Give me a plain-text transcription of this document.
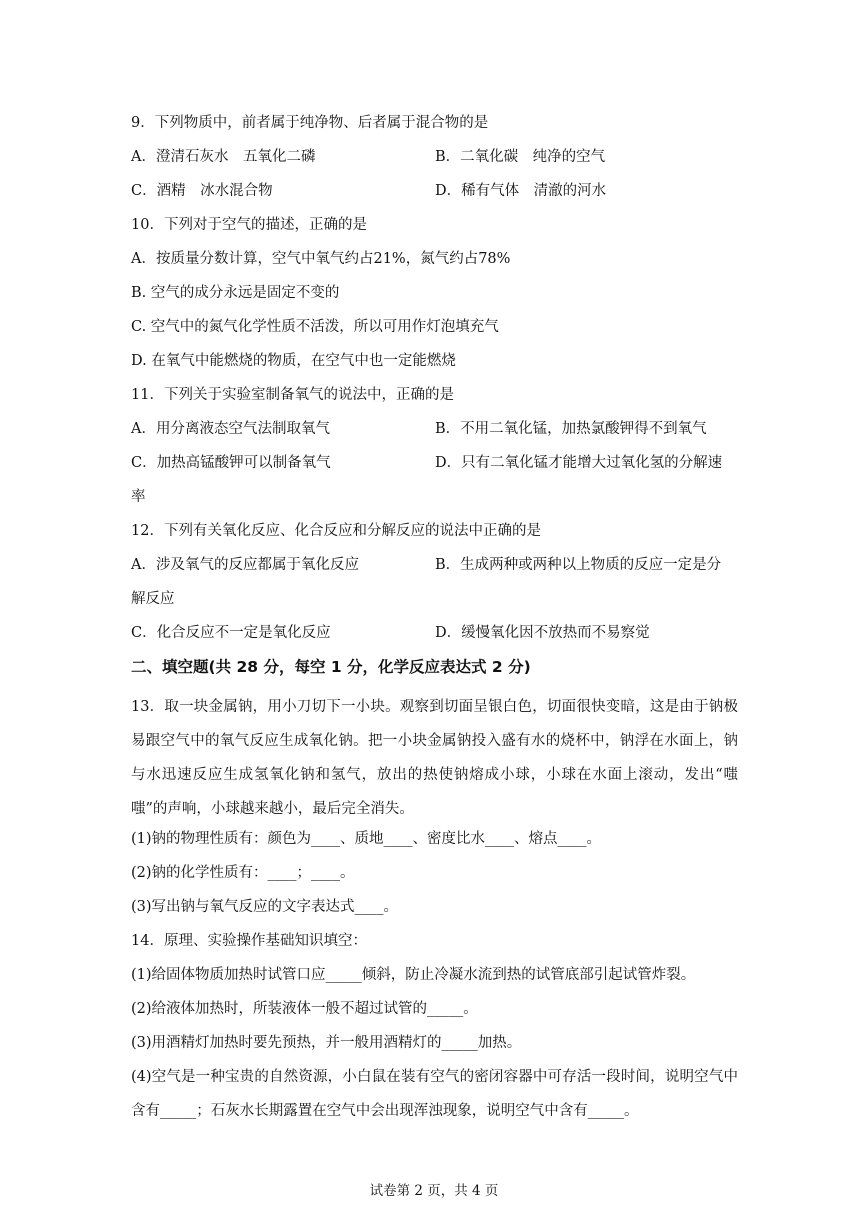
9．下列物质中，前者属于纯净物、后者属于混合物的是
A．澄清石灰水　五氧化二磷	B．二氧化碳　纯净的空气
C．酒精　冰水混合物	D．稀有气体　清澈的河水
10．下列对于空气的描述，正确的是
A．按质量分数计算，空气中氧气约占21%，氮气约占78%
B. 空气的成分永远是固定不变的
C. 空气中的氮气化学性质不活泼，所以可用作灯泡填充气
D. 在氧气中能燃烧的物质，在空气中也一定能燃烧
11．下列关于实验室制备氧气的说法中，正确的是
A．用分离液态空气法制取氧气	B．不用二氧化锰，加热氯酸钾得不到氧气
C．加热高锰酸钾可以制备氧气	D．只有二氧化锰才能增大过氧化氢的分解速
率
12．下列有关氧化反应、化合反应和分解反应的说法中正确的是
A．涉及氧气的反应都属于氧化反应	B．生成两种或两种以上物质的反应一定是分
解反应
C．化合反应不一定是氧化反应	D．缓慢氧化因不放热而不易察觉
二、填空题(共 28 分，每空 1 分，化学反应表达式 2 分)
13．取一块金属钠，用小刀切下一小块。观察到切面呈银白色，切面很快变暗，这是由于钠极易跟空气中的氧气反应生成氧化钠。把一小块金属钠投入盛有水的烧杯中，钠浮在水面上，钠与水迅速反应生成氢氧化钠和氢气，放出的热使钠熔成小球，小球在水面上滚动，发出“嗤嗤”的声响，小球越来越小，最后完全消失。
(1)钠的物理性质有：颜色为____、质地____、密度比水____、熔点____。
(2)钠的化学性质有：____；____。
(3)写出钠与氧气反应的文字表达式____。
14．原理、实验操作基础知识填空：
(1)给固体物质加热时试管口应_____倾斜，防止冷凝水流到热的试管底部引起试管炸裂。
(2)给液体加热时，所装液体一般不超过试管的_____。
(3)用酒精灯加热时要先预热，并一般用酒精灯的_____加热。
(4)空气是一种宝贵的自然资源，小白鼠在装有空气的密闭容器中可存活一段时间，说明空气中含有_____；石灰水长期露置在空气中会出现浑浊现象，说明空气中含有_____。
试卷第 2 页，共 4 页
